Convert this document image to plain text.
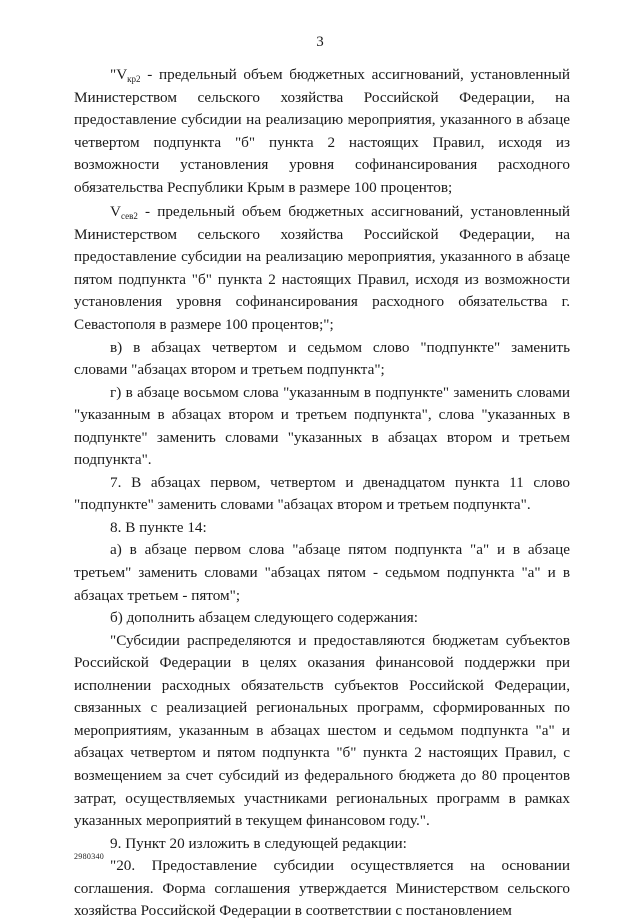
3

"$V_{кр2}$ - предельный объем бюджетных ассигнований, установленный Министерством сельского хозяйства Российской Федерации, на предоставление субсидии на реализацию мероприятия, указанного в абзаце четвертом подпункта "б" пункта 2 настоящих Правил, исходя из возможности установления уровня софинансирования расходного обязательства Республики Крым в размере 100 процентов;

$V_{сев2}$ - предельный объем бюджетных ассигнований, установленный Министерством сельского хозяйства Российской Федерации, на предоставление субсидии на реализацию мероприятия, указанного в абзаце пятом подпункта "б" пункта 2 настоящих Правил, исходя из возможности установления уровня софинансирования расходного обязательства г. Севастополя в размере 100 процентов;";

в) в абзацах четвертом и седьмом слово "подпункте" заменить словами "абзацах втором и третьем подпункта";

г) в абзаце восьмом слова "указанным в подпункте" заменить словами "указанным в абзацах втором и третьем подпункта", слова "указанных в подпункте" заменить словами "указанных в абзацах втором и третьем подпункта".

7. В абзацах первом, четвертом и двенадцатом пункта 11 слово "подпункте" заменить словами "абзацах втором и третьем подпункта".

8. В пункте 14:

а) в абзаце первом слова "абзаце пятом подпункта "а" и в абзаце третьем" заменить словами "абзацах пятом - седьмом подпункта "а" и в абзацах третьем - пятом";

б) дополнить абзацем следующего содержания:

"Субсидии распределяются и предоставляются бюджетам субъектов Российской Федерации в целях оказания финансовой поддержки при исполнении расходных обязательств субъектов Российской Федерации, связанных с реализацией региональных программ, сформированных по мероприятиям, указанным в абзацах шестом и седьмом подпункта "а" и абзацах четвертом и пятом подпункта "б" пункта 2 настоящих Правил, с возмещением за счет субсидий из федерального бюджета до 80 процентов затрат, осуществляемых участниками региональных программ в рамках указанных мероприятий в текущем финансовом году.".

9. Пункт 20 изложить в следующей редакции:

"20. Предоставление субсидии осуществляется на основании соглашения. Форма соглашения утверждается Министерством сельского хозяйства Российской Федерации в соответствии с постановлением

2980340
